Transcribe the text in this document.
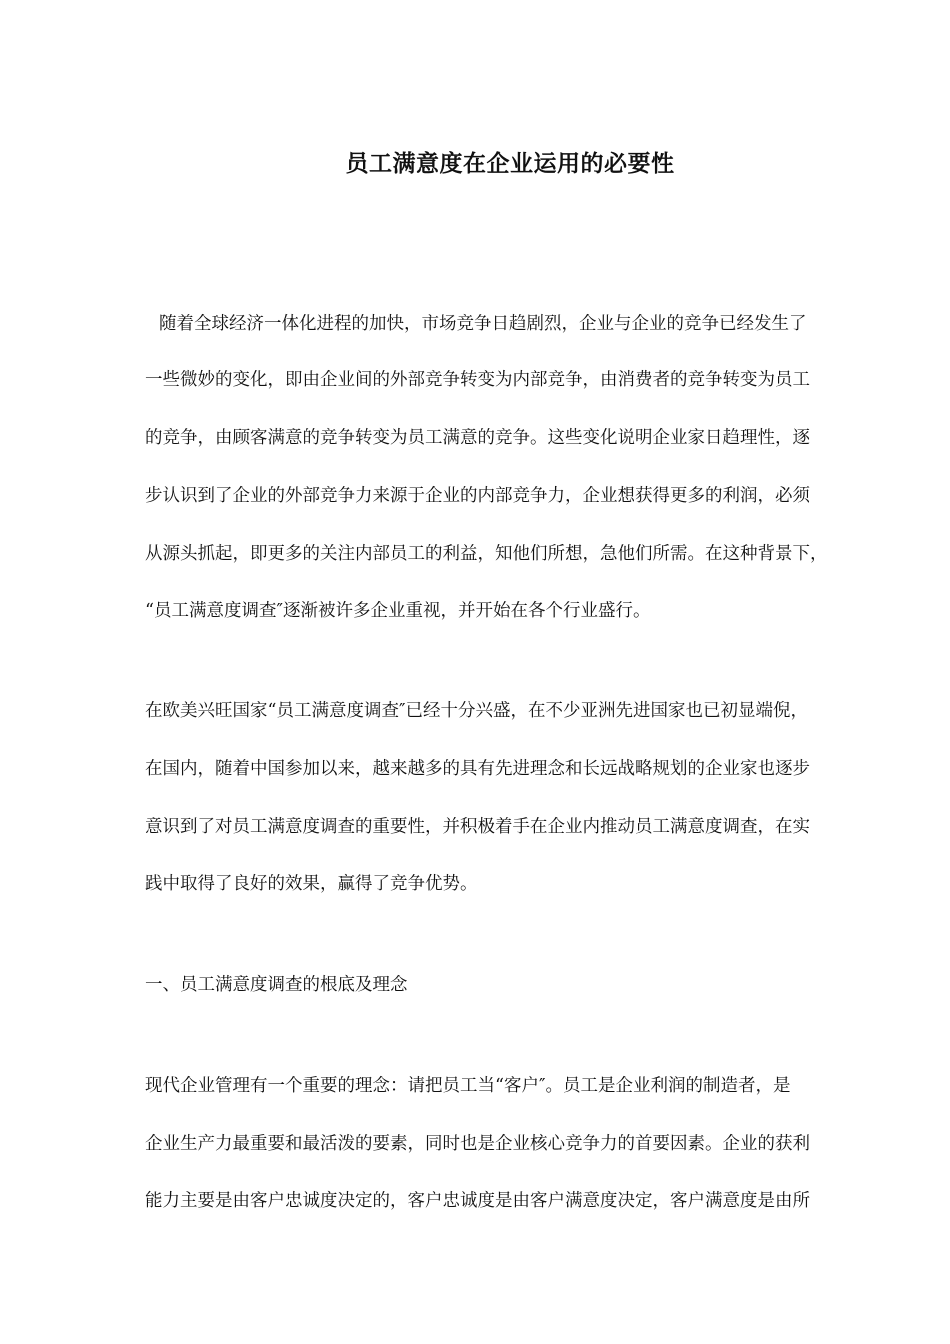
员工满意度在企业运用的必要性
随着全球经济一体化进程的加快，市场竞争日趋剧烈，企业与企业的竞争已经发生了
一些微妙的变化，即由企业间的外部竞争转变为内部竞争，由消费者的竞争转变为员工
的竞争，由顾客满意的竞争转变为员工满意的竞争。这些变化说明企业家日趋理性，逐
步认识到了企业的外部竞争力来源于企业的内部竞争力，企业想获得更多的利润，必须
从源头抓起，即更多的关注内部员工的利益，知他们所想，急他们所需。在这种背景下，
“员工满意度调查″逐渐被许多企业重视，并开始在各个行业盛行。
在欧美兴旺国家“员工满意度调查″已经十分兴盛，在不少亚洲先进国家也已初显端倪，
在国内，随着中国参加以来，越来越多的具有先进理念和长远战略规划的企业家也逐步
意识到了对员工满意度调查的重要性，并积极着手在企业内推动员工满意度调查，在实
践中取得了良好的效果，赢得了竞争优势。
一、员工满意度调查的根底及理念
现代企业管理有一个重要的理念：请把员工当“客户″。员工是企业利润的制造者，是
企业生产力最重要和最活泼的要素，同时也是企业核心竞争力的首要因素。企业的获利
能力主要是由客户忠诚度决定的，客户忠诚度是由客户满意度决定，客户满意度是由所
